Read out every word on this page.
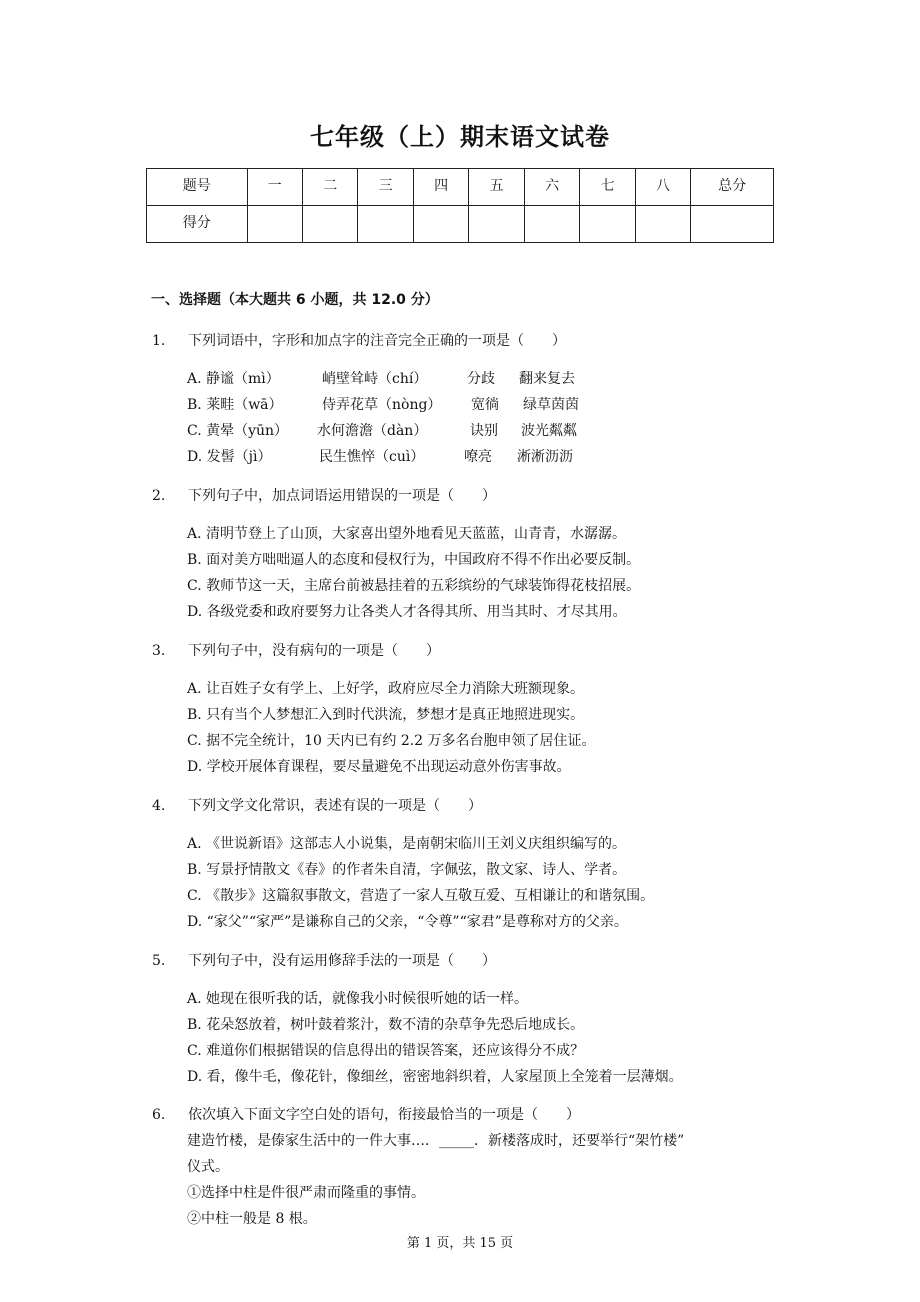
七年级（上）期末语文试卷
题号	一	二	三	四	五	六	七	八	总分
得分									
一、选择题（本大题共 6 小题，共 12.0 分）
1. 下列词语中，字形和加点字的注音完全正确的一项是（　　）
A. 静谧（mì）	峭壁耸峙（chí）	分歧 翻来复去
B. 莱畦（wā）	侍弄花草（nòng） 宽徜 绿草茵茵
C. 黄晕（yūn） 水何澹澹（dàn）	诀别 波光粼粼
D. 发髻（jì）	民生憔悴（cuì）	嘹亮 淅淅沥沥
2. 下列句子中，加点词语运用错误的一项是（　　）
A. 清明节登上了山顶，大家喜出望外地看见天蓝蓝，山青青，水潺潺。
B. 面对美方咄咄逼人的态度和侵权行为，中国政府不得不作出必要反制。
C. 教师节这一天，主席台前被悬挂着的五彩缤纷的气球装饰得花枝招展。
D. 各级党委和政府要努力让各类人才各得其所、用当其时、才尽其用。
3. 下列句子中，没有病句的一项是（　　）
A. 让百姓子女有学上、上好学，政府应尽全力消除大班额现象。
B. 只有当个人梦想汇入到时代洪流，梦想才是真正地照进现实。
C. 据不完全统计，10 天内已有约 2.2 万多名台胞申领了居住证。
D. 学校开展体育课程，要尽量避免不出现运动意外伤害事故。
4. 下列文学文化常识，表述有误的一项是（　　）
A. 《世说新语》这部志人小说集，是南朝宋临川王刘义庆组织编写的。
B. 写景抒情散文《春》的作者朱自清，字佩弦，散文家、诗人、学者。
C. 《散步》这篇叙事散文，营造了一家人互敬互爱、互相谦让的和谐氛围。
D. “家父”“家严”是谦称自己的父亲，“令尊”“家君”是尊称对方的父亲。
5. 下列句子中，没有运用修辞手法的一项是（　　）
A. 她现在很听我的话，就像我小时候很听她的话一样。
B. 花朵怒放着，树叶鼓着浆汁，数不清的杂草争先恐后地成长。
C. 难道你们根据错误的信息得出的错误答案，还应该得分不成？
D. 看，像牛毛，像花针，像细丝，密密地斜织着，人家屋顶上全笼着一层薄烟。
6. 依次填入下面文字空白处的语句，衔接最恰当的一项是（　　）
建造竹楼，是傣家生活中的一件大事…．_____．新楼落成时，还要举行“架竹楼”
仪式。
①选择中柱是件很严肃而隆重的事情。
②中柱一般是 8 根。
第 1 页，共 15 页
